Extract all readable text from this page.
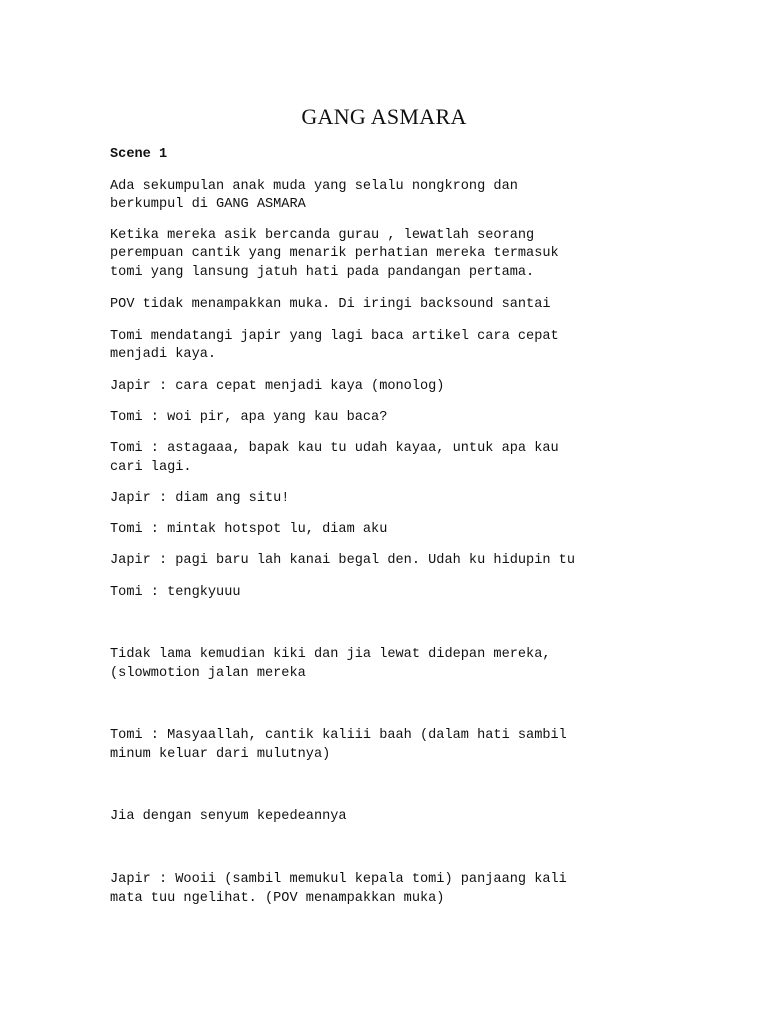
GANG ASMARA
Scene 1
Ada sekumpulan anak muda yang selalu nongkrong dan
berkumpul di GANG ASMARA
Ketika mereka asik bercanda gurau , lewatlah seorang
perempuan cantik yang menarik perhatian mereka termasuk
tomi yang lansung jatuh hati pada pandangan pertama.
POV tidak menampakkan muka. Di iringi backsound santai
Tomi mendatangi japir yang lagi baca artikel cara cepat
menjadi kaya.
Japir : cara cepat menjadi kaya (monolog)
Tomi : woi pir, apa yang kau baca?
Tomi : astagaaa, bapak kau tu udah kayaa, untuk apa kau
cari lagi.
Japir : diam ang situ!
Tomi : mintak hotspot lu, diam aku
Japir : pagi baru lah kanai begal den. Udah ku hidupin tu
Tomi : tengkyuuu
Tidak lama kemudian kiki dan jia lewat didepan mereka,
(slowmotion jalan mereka
Tomi : Masyaallah, cantik kaliii baah (dalam hati sambil
minum keluar dari mulutnya)
Jia dengan senyum kepedeannya
Japir : Wooii (sambil memukul kepala tomi) panjaang kali
mata tuu ngelihat. (POV menampakkan muka)
